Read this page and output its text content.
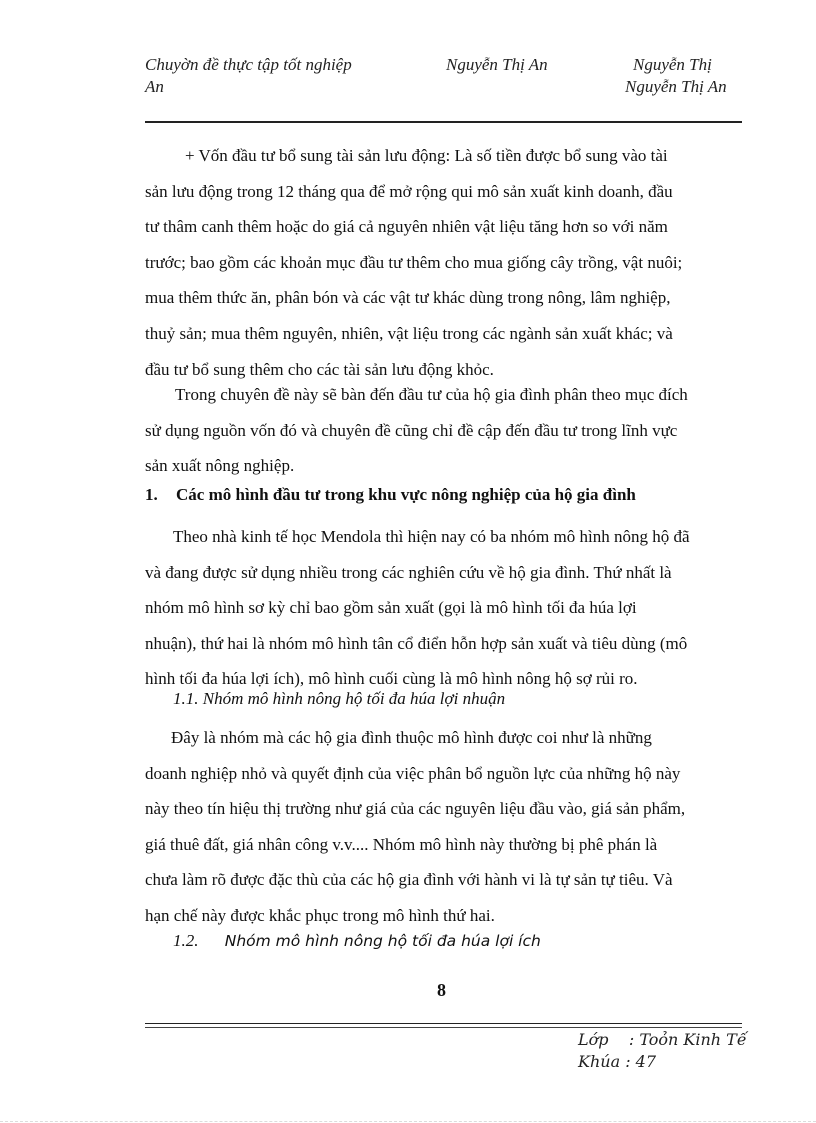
Chuyờn đề thực tập tốt nghiệp
An
Nguyễn Thị An	Nguyễn Thị
Nguyễn Thị An
+ Vốn đầu tư bổ sung tài sản lưu động: Là số tiền được bổ sung vào tài
sản lưu động trong 12 tháng qua để mở rộng qui mô sản xuất kinh doanh, đầu
tư thâm canh thêm hoặc do giá cả nguyên nhiên vật liệu tăng hơn so với năm
trước; bao gồm các khoản mục đầu tư thêm cho mua giống cây trồng, vật nuôi;
mua thêm thức ăn, phân bón và các vật tư khác dùng trong nông, lâm nghiệp,
thuỷ sản; mua thêm nguyên, nhiên, vật liệu trong các ngành sản xuất khác; và
đầu tư bổ sung thêm cho các tài sản lưu động khỏc.
Trong chuyên đề này sẽ bàn đến đầu tư của hộ gia đình phân theo mục đích
sử dụng nguồn vốn đó và chuyên đề cũng chỉ đề cập đến đầu tư trong lĩnh vực
sản xuất nông nghiệp.
1. Các mô hình đầu tư trong khu vực nông nghiệp của hộ gia đình
Theo nhà kinh tế học Mendola thì hiện nay có ba nhóm mô hình nông hộ đã
và đang được sử dụng nhiều trong các nghiên cứu về hộ gia đình. Thứ nhất là
nhóm mô hình sơ kỳ chỉ bao gồm sản xuất (gọi là mô hình tối đa húa lợi
nhuận), thứ hai là nhóm mô hình tân cổ điển hỗn hợp sản xuất và tiêu dùng (mô
hình tối đa húa lợi ích), mô hình cuối cùng là mô hình nông hộ sợ rủi ro.
1.1. Nhóm mô hình nông hộ tối đa húa lợi nhuận
Đây là nhóm mà các hộ gia đình thuộc mô hình được coi như là những
doanh nghiệp nhỏ và quyết định của việc phân bổ nguồn lực của những hộ này
này theo tín hiệu thị trường như giá của các nguyên liệu đầu vào, giá sản phẩm,
giá thuê đất, giá nhân công v.v.... Nhóm mô hình này thường bị phê phán là
chưa làm rõ được đặc thù của các hộ gia đình với hành vi là tự sản tự tiêu. Và
hạn chế này được khắc phục trong mô hình thứ hai.
1.2. Nhóm mô hình nông hộ tối đa húa lợi ích
8
Lớp    : Toỏn Kinh Tế
Khúa : 47
